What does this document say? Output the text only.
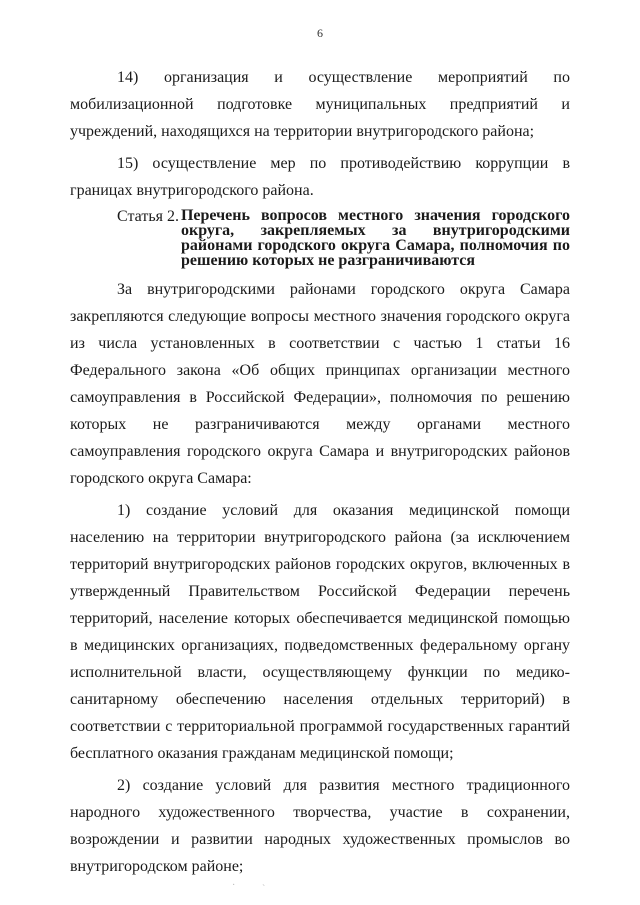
6

14) организация и осуществление мероприятий по мобилизационной подготовке муниципальных предприятий и учреждений, находящихся на территории внутригородского района;

15) осуществление мер по противодействию коррупции в границах внутригородского района.

Статья 2. Перечень вопросов местного значения городского округа, закрепляемых за внутригородскими районами городского округа Самара, полномочия по решению которых не разграничиваются

За внутригородскими районами городского округа Самара закрепляются следующие вопросы местного значения городского округа из числа установленных в соответствии с частью 1 статьи 16 Федерального закона «Об общих принципах организации местного самоуправления в Российской Федерации», полномочия по решению которых не разграничиваются между органами местного самоуправления городского округа Самара и внутригородских районов городского округа Самара:

1) создание условий для оказания медицинской помощи населению на территории внутригородского района (за исключением территорий внутригородских районов городских округов, включенных в утвержденный Правительством Российской Федерации перечень территорий, население которых обеспечивается медицинской помощью в медицинских организациях, подведомственных федеральному органу исполнительной власти, осуществляющему функции по медико-санитарному обеспечению населения отдельных территорий) в соответствии с территориальной программой государственных гарантий бесплатного оказания гражданам медицинской помощи;

2) создание условий для развития местного традиционного народного художественного творчества, участие в сохранении, возрождении и развитии народных художественных промыслов во внутригородском районе;

·	`
